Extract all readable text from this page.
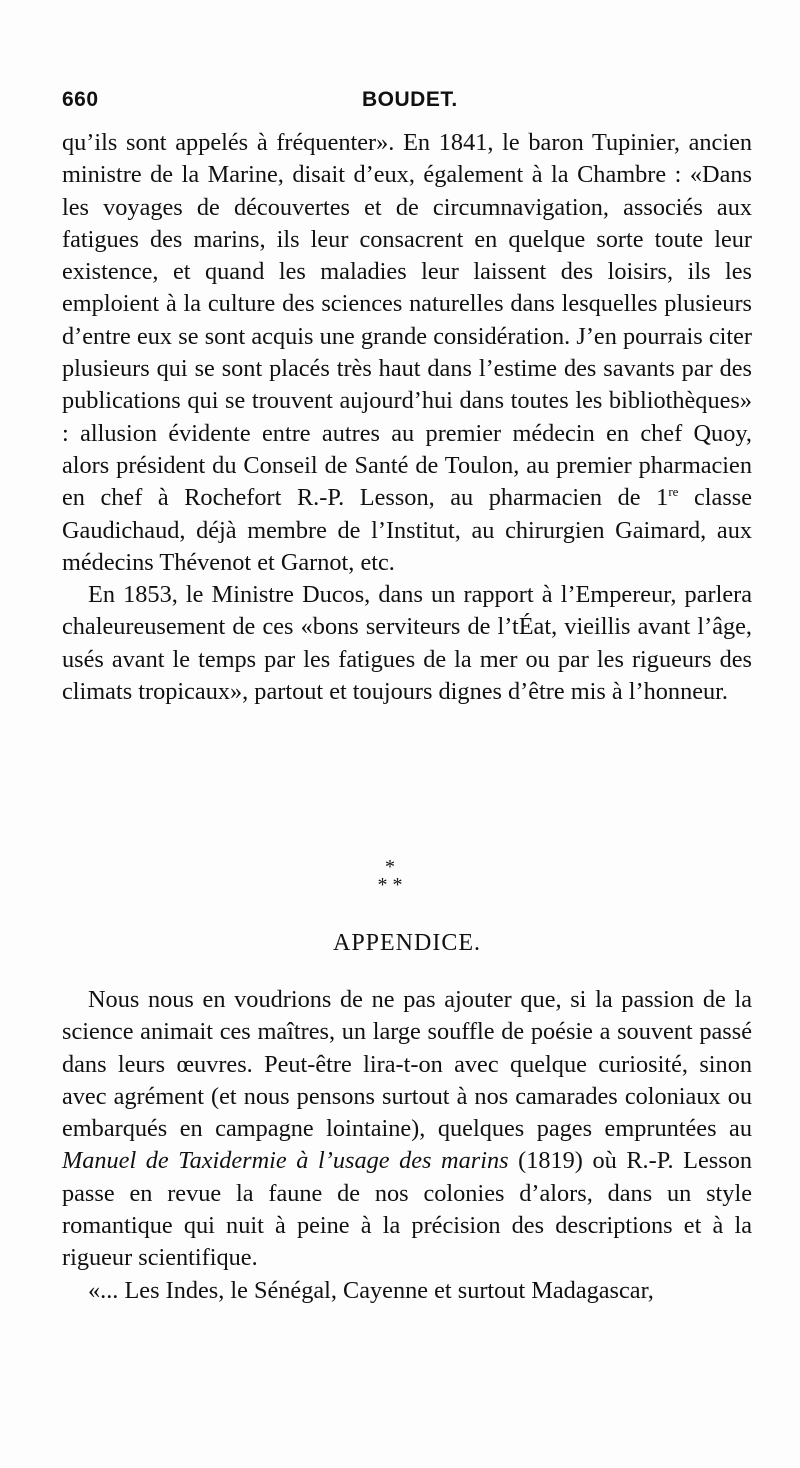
660	BOUDET.

qu’ils sont appelés à fréquenter». En 1841, le baron Tupinier, ancien ministre de la Marine, disait d’eux, également à la Chambre : «Dans les voyages de découvertes et de circumnavigation, associés aux fatigues des marins, ils leur consacrent en quelque sorte toute leur existence, et quand les maladies leur laissent des loisirs, ils les emploient à la culture des sciences naturelles dans lesquelles plusieurs d’entre eux se sont acquis une grande considération. J’en pourrais citer plusieurs qui se sont placés très haut dans l’estime des savants par des publications qui se trouvent aujourd’hui dans toutes les bibliothèques» : allusion évidente entre autres au premier médecin en chef Quoy, alors président du Conseil de Santé de Toulon, au premier pharmacien en chef à Rochefort R.-P. Lesson, au pharmacien de 1re classe Gaudichaud, déjà membre de l’Institut, au chirurgien Gaimard, aux médecins Thévenot et Garnot, etc.

En 1853, le Ministre Ducos, dans un rapport à l’Empereur, parlera chaleureusement de ces «bons serviteurs de l’tÉat, vieillis avant l’âge, usés avant le temps par les fatigues de la mer ou par les rigueurs des climats tropicaux», partout et toujours dignes d’être mis à l’honneur.

*
* *
APPENDICE.

Nous nous en voudrions de ne pas ajouter que, si la passion de la science animait ces maîtres, un large souffle de poésie a souvent passé dans leurs œuvres. Peut-être lira-t-on avec quelque curiosité, sinon avec agrément (et nous pensons surtout à nos camarades coloniaux ou embarqués en campagne lointaine), quelques pages empruntées au Manuel de Taxidermie à l’usage des marins (1819) où R.-P. Lesson passe en revue la faune de nos colonies d’alors, dans un style romantique qui nuit à peine à la précision des descriptions et à la rigueur scientifique.

«... Les Indes, le Sénégal, Cayenne et surtout Madagascar,
